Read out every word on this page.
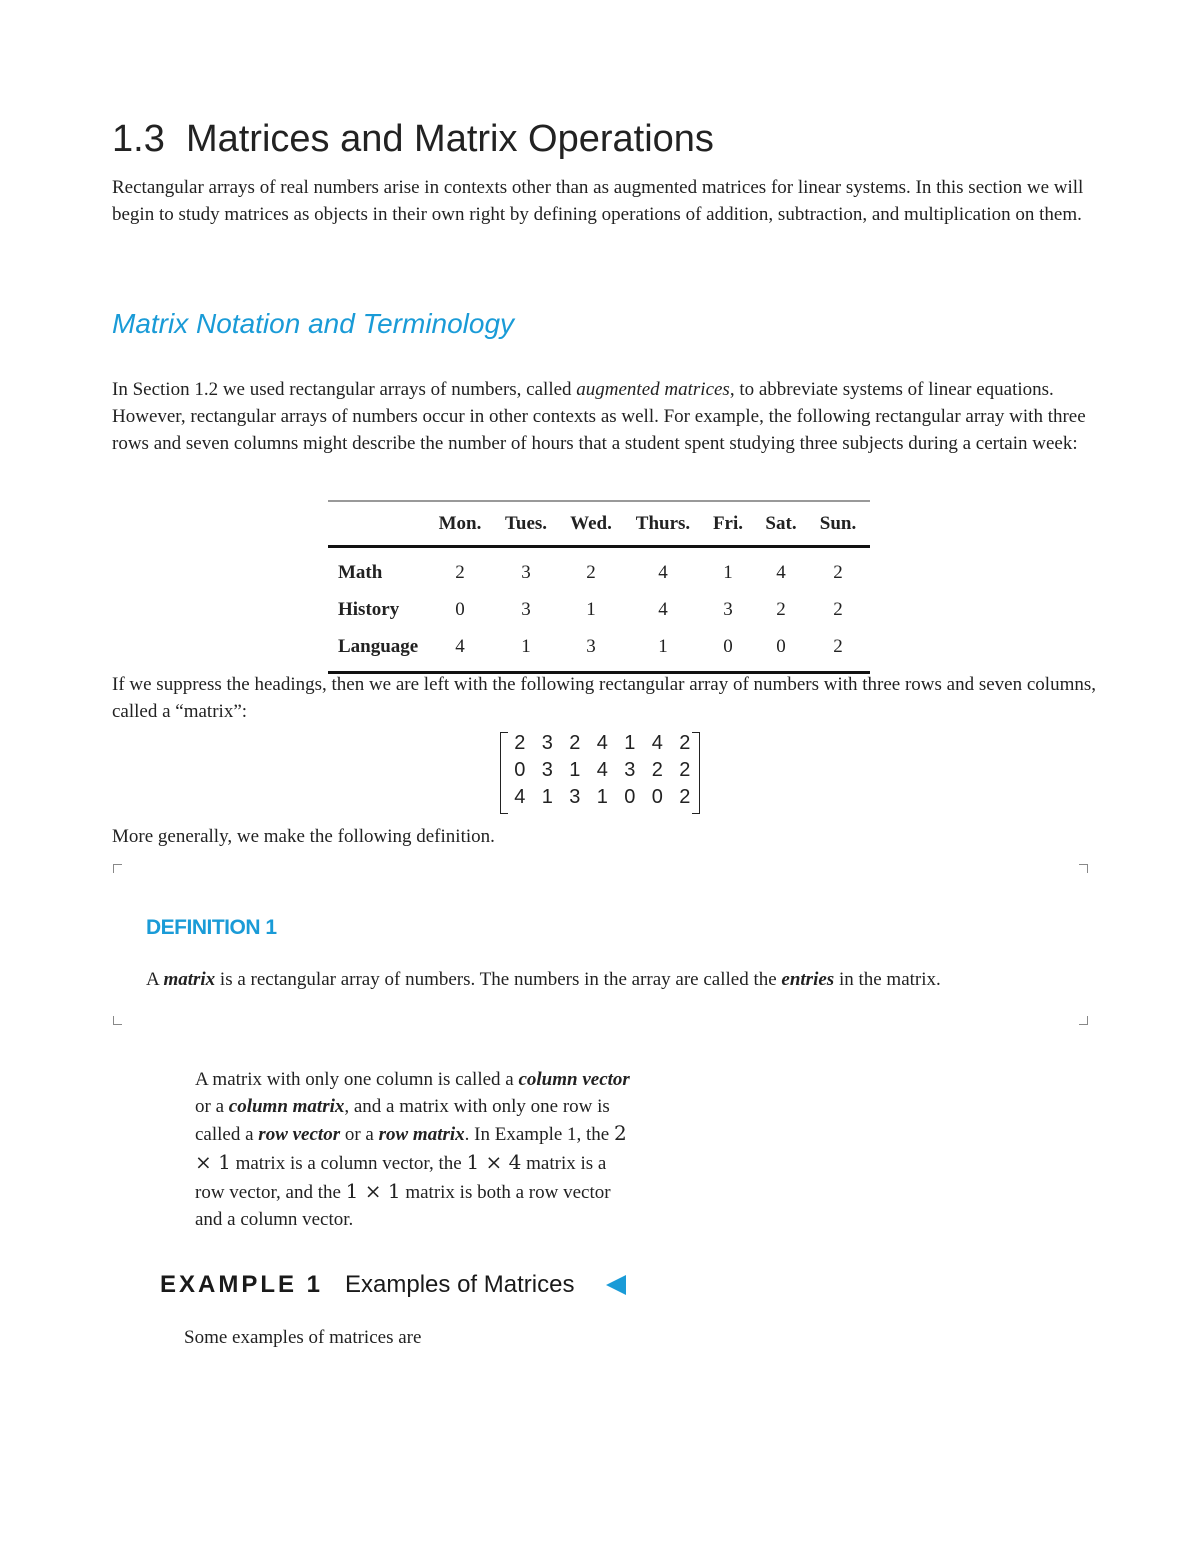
1.3  Matrices and Matrix Operations
Rectangular arrays of real numbers arise in contexts other than as augmented matrices for linear systems. In this section we will begin to study matrices as objects in their own right by defining operations of addition, subtraction, and multiplication on them.
Matrix Notation and Terminology
In Section 1.2 we used rectangular arrays of numbers, called augmented matrices, to abbreviate systems of linear equations. However, rectangular arrays of numbers occur in other contexts as well. For example, the following rectangular array with three rows and seven columns might describe the number of hours that a student spent studying three subjects during a certain week:
	Mon.	Tues.	Wed.	Thurs.	Fri.	Sat.	Sun.
Math	2	3	2	4	1	4	2
History	0	3	1	4	3	2	2
Language	4	1	3	1	0	0	2
If we suppress the headings, then we are left with the following rectangular array of numbers with three rows and seven columns, called a “matrix”:
2 3 2 4 1 4 2
0 3 1 4 3 2 2
4 1 3 1 0 0 2
More generally, we make the following definition.
DEFINITION 1
A matrix is a rectangular array of numbers. The numbers in the array are called the entries in the matrix.
A matrix with only one column is called a column vector or a column matrix, and a matrix with only one row is called a row vector or a row matrix. In Example 1, the 2 × 1 matrix is a column vector, the 1 × 4 matrix is a row vector, and the 1 × 1 matrix is both a row vector and a column vector.
EXAMPLE 1 Examples of Matrices
Some examples of matrices are
